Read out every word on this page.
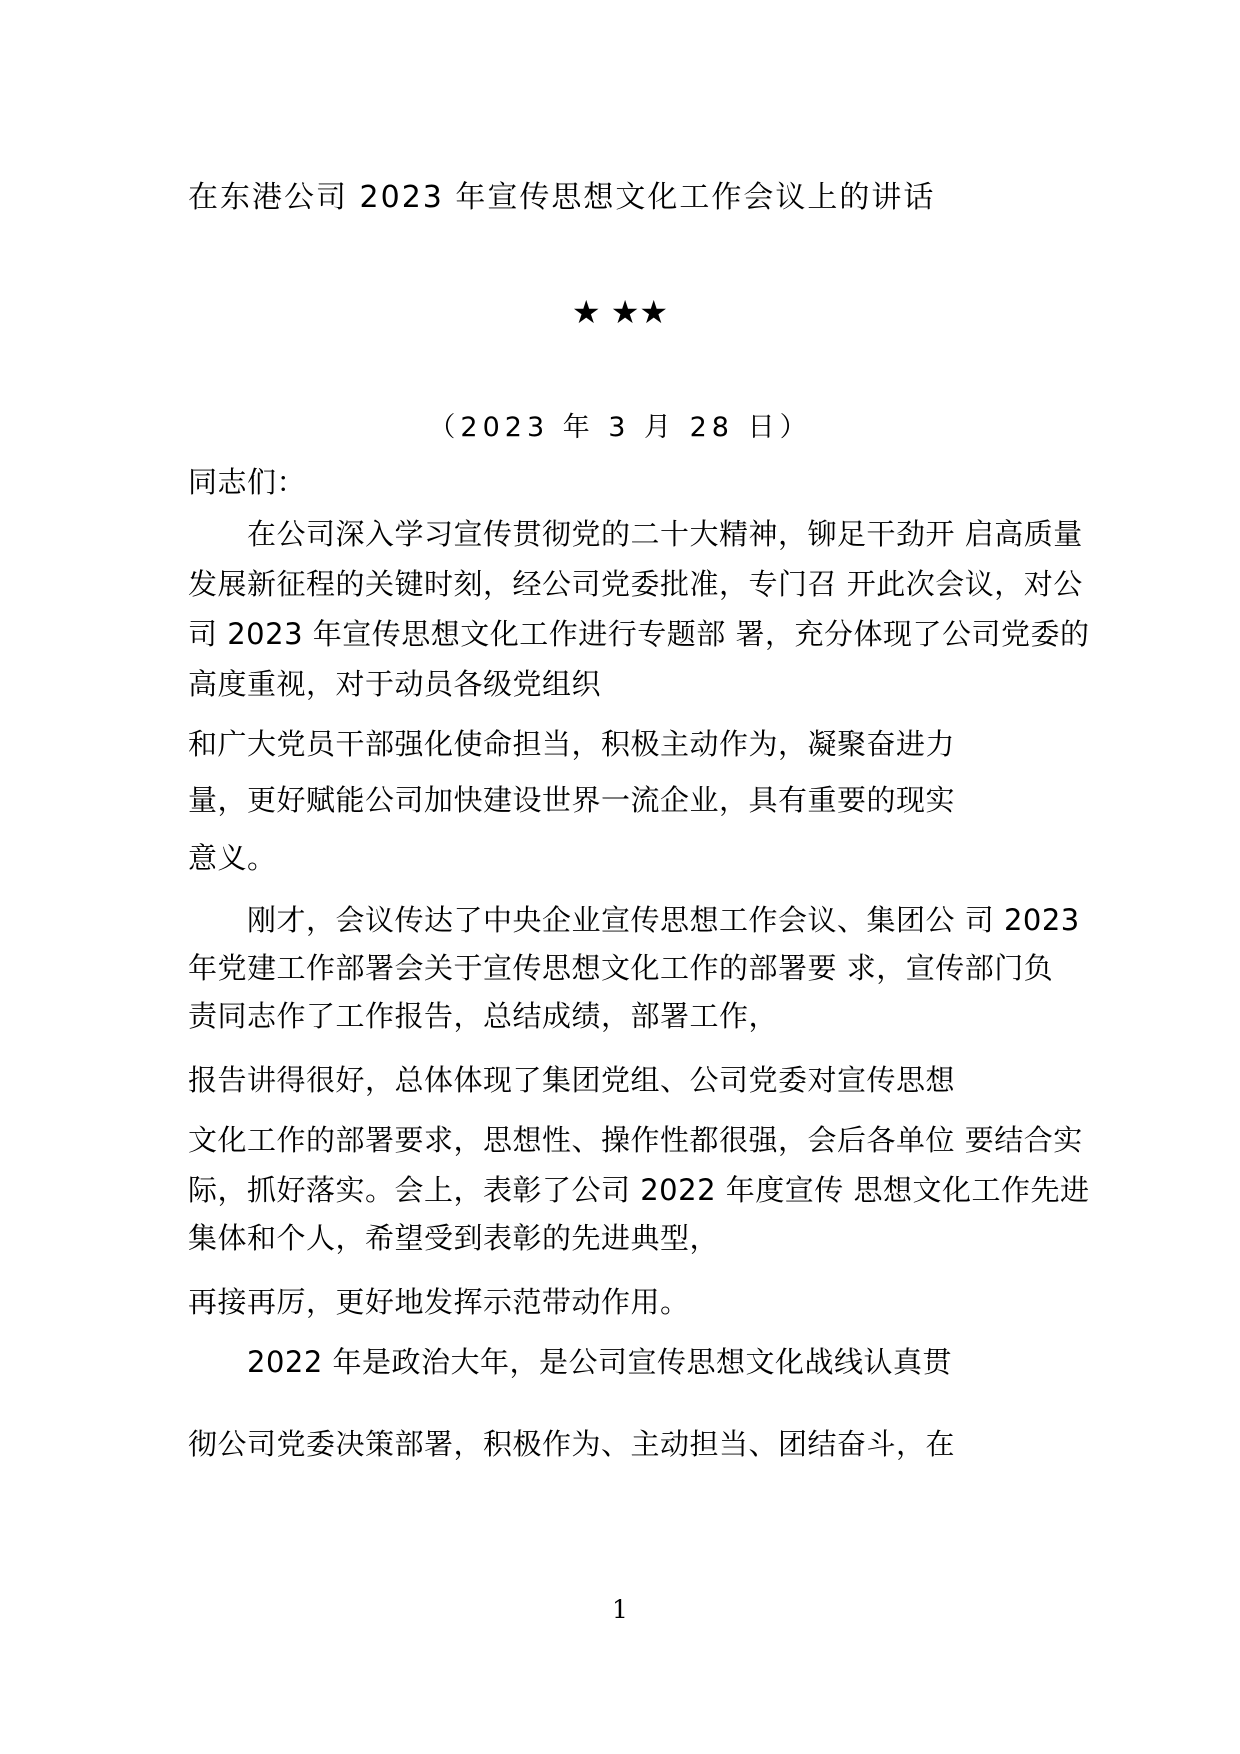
在东港公司 2023 年宣传思想文化工作会议上的讲话
★ ★★
（2023 年 3 月 28 日）
同志们：
　　在公司深入学习宣传贯彻党的二十大精神，铆足干劲开 启高质量
发展新征程的关键时刻，经公司党委批准，专门召 开此次会议，对公
司 2023 年宣传思想文化工作进行专题部 署，充分体现了公司党委的
高度重视，对于动员各级党组织
和广大党员干部强化使命担当，积极主动作为，凝聚奋进力
量，更好赋能公司加快建设世界一流企业，具有重要的现实
意义。
　　刚才，会议传达了中央企业宣传思想工作会议、集团公 司 2023
年党建工作部署会关于宣传思想文化工作的部署要 求，宣传部门负
责同志作了工作报告，总结成绩，部署工作，
报告讲得很好，总体体现了集团党组、公司党委对宣传思想
文化工作的部署要求，思想性、操作性都很强，会后各单位 要结合实
际，抓好落实。会上，表彰了公司 2022 年度宣传 思想文化工作先进
集体和个人，希望受到表彰的先进典型，
再接再厉，更好地发挥示范带动作用。
　　2022 年是政治大年，是公司宣传思想文化战线认真贯
彻公司党委决策部署，积极作为、主动担当、团结奋斗，在
1
